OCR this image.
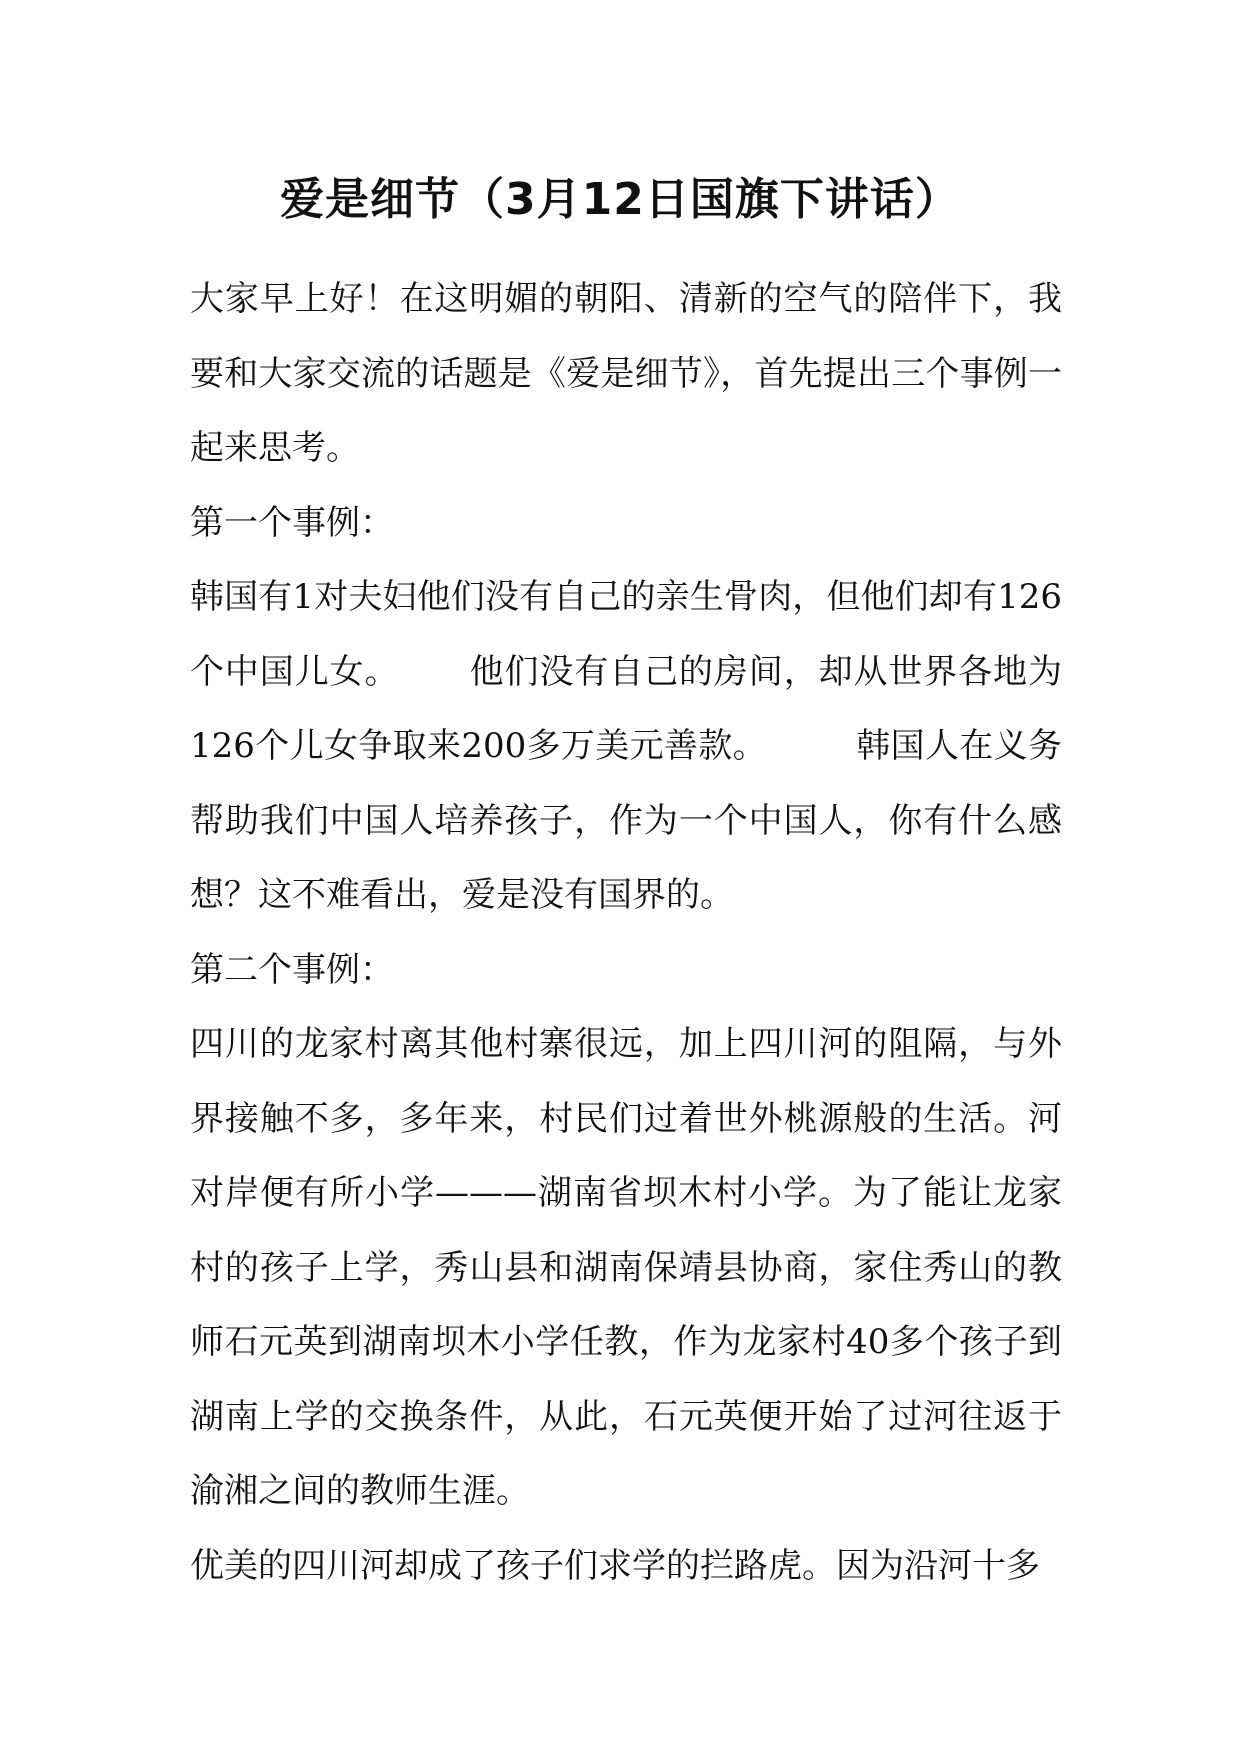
爱是细节（3月12日国旗下讲话）

大家早上好！在这明媚的朝阳、清新的空气的陪伴下，我要和大家交流的话题是《爱是细节》，首先提出三个事例一起来思考。

第一个事例：

韩国有1对夫妇他们没有自己的亲生骨肉，但他们却有126个中国儿女。      他们没有自己的房间，却从世界各地为126个儿女争取来200多万美元善款。        韩国人在义务帮助我们中国人培养孩子，作为一个中国人，你有什么感想？这不难看出，爱是没有国界的。

第二个事例：

四川的龙家村离其他村寨很远，加上四川河的阻隔，与外界接触不多，多年来，村民们过着世外桃源般的生活。河对岸便有所小学———湖南省坝木村小学。为了能让龙家村的孩子上学，秀山县和湖南保靖县协商，家住秀山的教师石元英到湖南坝木小学任教，作为龙家村40多个孩子到湖南上学的交换条件，从此，石元英便开始了过河往返于渝湘之间的教师生涯。

优美的四川河却成了孩子们求学的拦路虎。因为沿河十多
